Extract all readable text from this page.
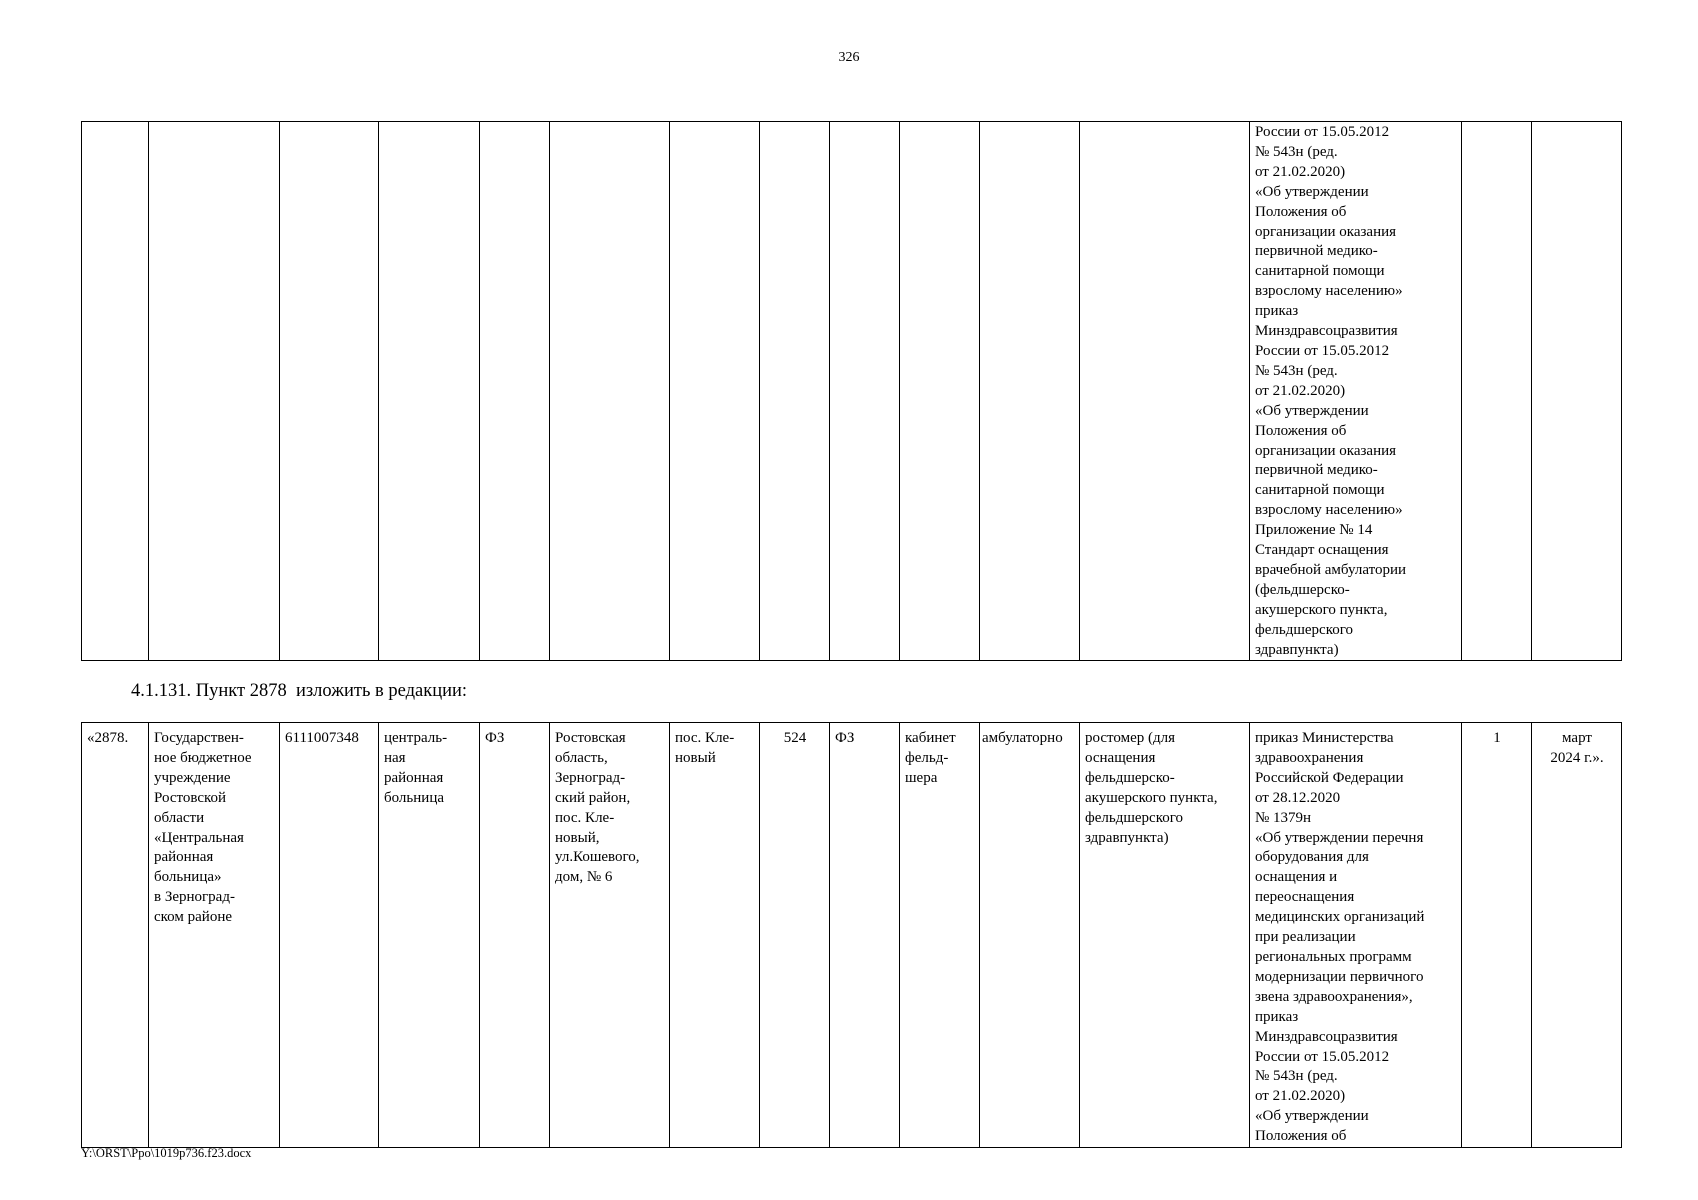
326
												России от 15.05.2012
№ 543н (ред.
от 21.02.2020)
«Об утверждении
Положения об
организации оказания
первичной медико-
санитарной помощи
взрослому населению»
приказ
Минздравсоцразвития
России от 15.05.2012
№ 543н (ред.
от 21.02.2020)
«Об утверждении
Положения об
организации оказания
первичной медико-
санитарной помощи
взрослому населению»
Приложение № 14
Стандарт оснащения
врачебной амбулатории
(фельдшерско-
акушерского пункта,
фельдшерского
здравпункта)		
4.1.131. Пункт 2878  изложить в редакции:
«2878.	Государствен-
ное бюджетное
учреждение
Ростовской
области
«Центральная
районная
больница»
в Зерноград-
ском районе	6111007348	централь-
ная
районная
больница	ФЗ	Ростовская
область,
Зерноград-
ский район,
пос. Кле-
новый,
ул.Кошевого,
дом, № 6	пос. Кле-
новый	524	ФЗ	кабинет
фельд-
шера	амбулаторно	ростомер (для
оснащения
фельдшерско-
акушерского пункта,
фельдшерского
здравпункта)	приказ Министерства
здравоохранения
Российской Федерации
от 28.12.2020
№ 1379н
«Об утверждении перечня
оборудования для
оснащения и
переоснащения
медицинских организаций
при реализации
региональных программ
модернизации первичного
звена здравоохранения»,
приказ
Минздравсоцразвития
России от 15.05.2012
№ 543н (ред.
от 21.02.2020)
«Об утверждении
Положения об	1	март
2024 г.».
Y:\ORST\Ppo\1019p736.f23.docx
